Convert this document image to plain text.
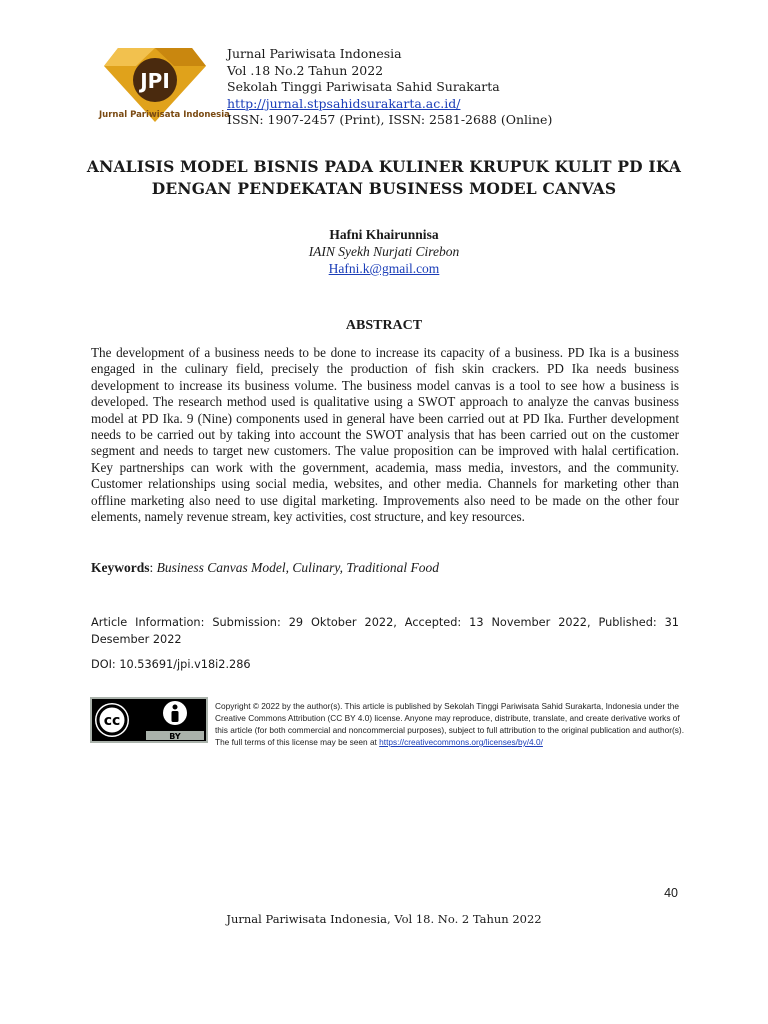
JPI
Jurnal Pariwisata Indonesia
Jurnal Pariwisata Indonesia
Vol .18 No.2 Tahun 2022
Sekolah Tinggi Pariwisata Sahid Surakarta
http://jurnal.stpsahidsurakarta.ac.id/
ISSN: 1907-2457 (Print), ISSN: 2581-2688 (Online)
ANALISIS MODEL BISNIS PADA KULINER KRUPUK KULIT PD IKA
DENGAN PENDEKATAN BUSINESS MODEL CANVAS
Hafni Khairunnisa
IAIN Syekh Nurjati Cirebon
Hafni.k@gmail.com
ABSTRACT
The development of a business needs to be done to increase its capacity of a business. PD Ika is a business engaged in the culinary field, precisely the production of fish skin crackers. PD Ika needs business development to increase its business volume. The business model canvas is a tool to see how a business is developed. The research method used is qualitative using a SWOT approach to analyze the canvas business model at PD Ika. 9 (Nine) components used in general have been carried out at PD Ika. Further development needs to be carried out by taking into account the SWOT analysis that has been carried out on the customer segment and needs to target new customers. The value proposition can be improved with halal certification. Key partnerships can work with the government, academia, mass media, investors, and the community. Customer relationships using social media, websites, and other media. Channels for marketing other than offline marketing also need to use digital marketing. Improvements also need to be made on the other four elements, namely revenue stream, key activities, cost structure, and key resources.
Keywords: Business Canvas Model, Culinary, Traditional Food
Article Information: Submission: 29 Oktober 2022, Accepted: 13 November 2022, Published: 31 Desember 2022
DOI: 10.53691/jpi.v18i2.286
cc
BY
Copyright © 2022 by the author(s). This article is published by Sekolah Tinggi Pariwisata Sahid Surakarta, Indonesia under the Creative Commons Attribution (CC BY 4.0) license. Anyone may reproduce, distribute, translate, and create derivative works of this article (for both commercial and noncommercial purposes), subject to full attribution to the original publication and author(s). The full terms of this license may be seen at https://creativecommons.org/licenses/by/4.0/
40
Jurnal Pariwisata Indonesia, Vol 18. No. 2 Tahun 2022
